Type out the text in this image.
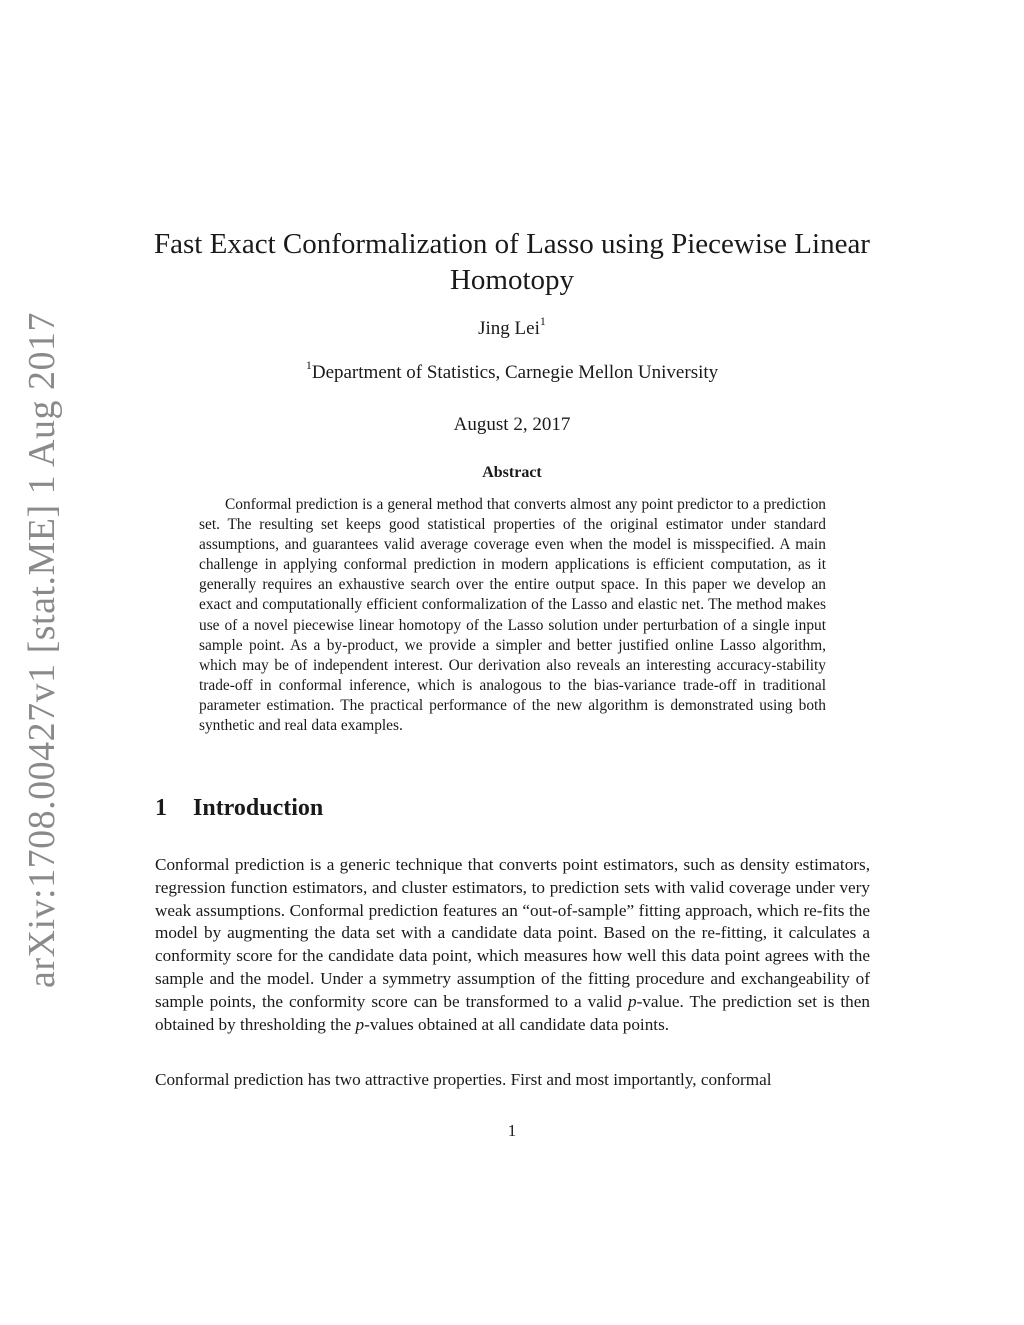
arXiv:1708.00427v1 [stat.ME] 1 Aug 2017
Fast Exact Conformalization of Lasso using Piecewise Linear Homotopy
Jing Lei$^1$
$^1$Department of Statistics, Carnegie Mellon University
August 2, 2017
Abstract

Conformal prediction is a general method that converts almost any point predictor to a prediction set. The resulting set keeps good statistical properties of the original estimator under standard assumptions, and guarantees valid average coverage even when the model is misspecified. A main challenge in applying conformal prediction in modern applications is efficient computation, as it generally requires an exhaustive search over the entire output space. In this paper we develop an exact and computationally efficient conformalization of the Lasso and elastic net. The method makes use of a novel piecewise linear homotopy of the Lasso solution under perturbation of a single input sample point. As a by-product, we provide a simpler and better justified online Lasso algorithm, which may be of independent interest. Our derivation also reveals an interesting accuracy-stability trade-off in conformal inference, which is analogous to the bias-variance trade-off in traditional parameter estimation. The practical performance of the new algorithm is demonstrated using both synthetic and real data examples.

1 Introduction

Conformal prediction is a generic technique that converts point estimators, such as density estimators, regression function estimators, and cluster estimators, to prediction sets with valid coverage under very weak assumptions. Conformal prediction features an “out-of-sample” fitting approach, which re-fits the model by augmenting the data set with a candidate data point. Based on the re-fitting, it calculates a conformity score for the candidate data point, which measures how well this data point agrees with the sample and the model. Under a symmetry assumption of the fitting procedure and exchangeability of sample points, the conformity score can be transformed to a valid p-value. The prediction set is then obtained by thresholding the p-values obtained at all candidate data points.

Conformal prediction has two attractive properties. First and most importantly, conformal

1
